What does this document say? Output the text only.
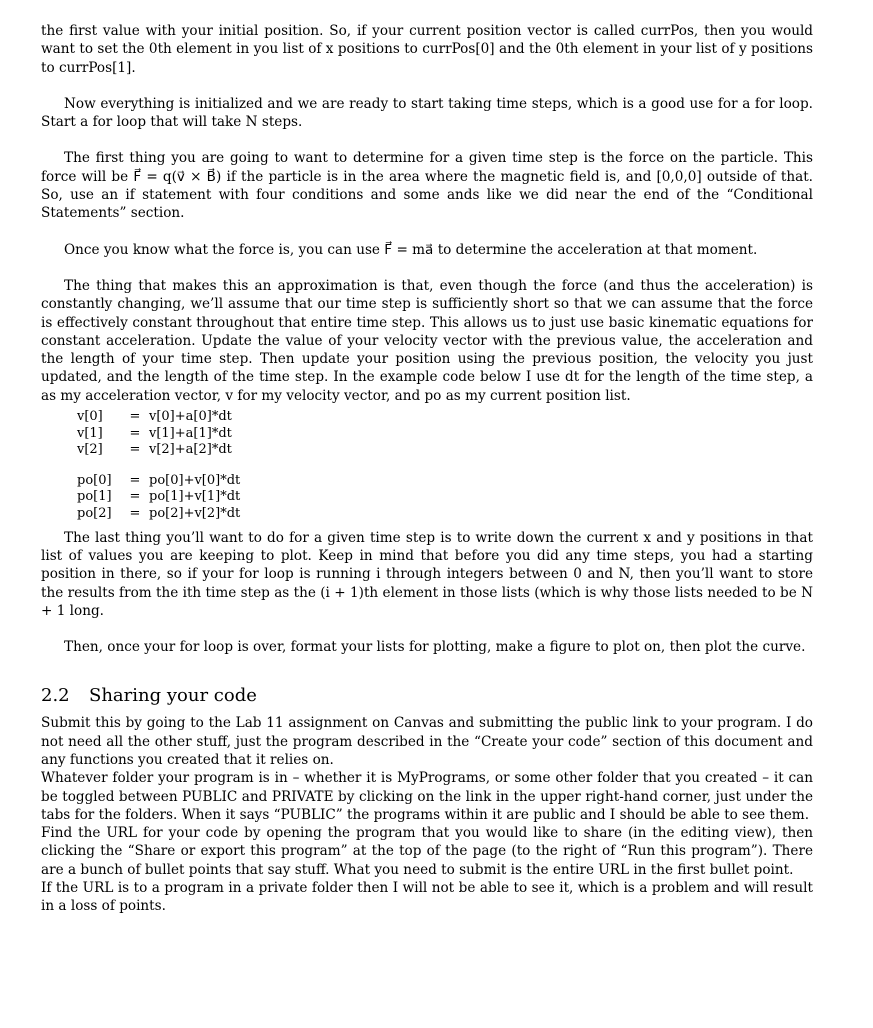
the first value with your initial position. So, if your current position vector is called currPos, then you would want to set the 0th element in you list of x positions to currPos[0] and the 0th element in your list of y positions to currPos[1].

Now everything is initialized and we are ready to start taking time steps, which is a good use for a for loop. Start a for loop that will take N steps.

The first thing you are going to want to determine for a given time step is the force on the particle. This force will be F⃗ = q(v⃗ × B⃗) if the particle is in the area where the magnetic field is, and [0,0,0] outside of that. So, use an if statement with four conditions and some ands like we did near the end of the “Conditional Statements” section.

Once you know what the force is, you can use F⃗ = ma⃗ to determine the acceleration at that moment.

The thing that makes this an approximation is that, even though the force (and thus the acceleration) is constantly changing, we’ll assume that our time step is sufficiently short so that we can assume that the force is effectively constant throughout that entire time step. This allows us to just use basic kinematic equations for constant acceleration. Update the value of your velocity vector with the previous value, the acceleration and the length of your time step. Then update your position using the previous position, the velocity you just updated, and the length of the time step. In the example code below I use dt for the length of the time step, a as my acceleration vector, v for my velocity vector, and po as my current position list.

v[0]	= v[0]+a[0]*dt
v[1]	= v[1]+a[1]*dt
v[2]	= v[2]+a[2]*dt
po[0]	= po[0]+v[0]*dt
po[1]	= po[1]+v[1]*dt
po[2]	= po[2]+v[2]*dt

The last thing you’ll want to do for a given time step is to write down the current x and y positions in that list of values you are keeping to plot. Keep in mind that before you did any time steps, you had a starting position in there, so if your for loop is running i through integers between 0 and N, then you’ll want to store the results from the ith time step as the (i + 1)th element in those lists (which is why those lists needed to be N + 1 long.

Then, once your for loop is over, format your lists for plotting, make a figure to plot on, then plot the curve.

2.2 Sharing your code

Submit this by going to the Lab 11 assignment on Canvas and submitting the public link to your program. I do not need all the other stuff, just the program described in the “Create your code” section of this document and any functions you created that it relies on.

Whatever folder your program is in – whether it is MyPrograms, or some other folder that you created – it can be toggled between PUBLIC and PRIVATE by clicking on the link in the upper right-hand corner, just under the tabs for the folders. When it says “PUBLIC” the programs within it are public and I should be able to see them.

Find the URL for your code by opening the program that you would like to share (in the editing view), then clicking the “Share or export this program” at the top of the page (to the right of “Run this program”). There are a bunch of bullet points that say stuff. What you need to submit is the entire URL in the first bullet point.

If the URL is to a program in a private folder then I will not be able to see it, which is a problem and will result in a loss of points.
